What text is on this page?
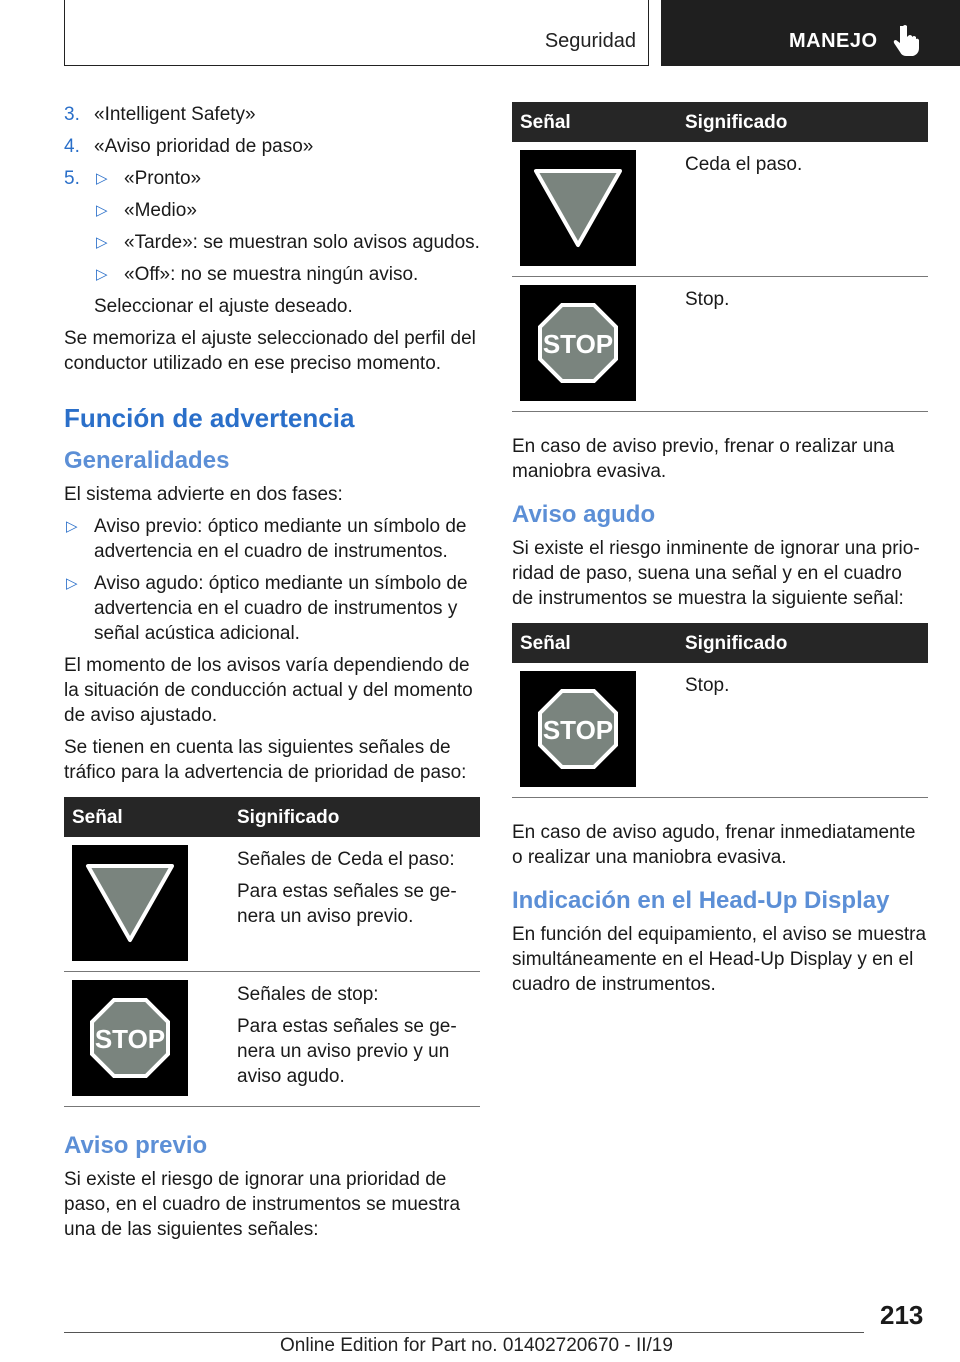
Seguridad	MANEJO
3. «Intelligent Safety»
4. «Aviso prioridad de paso»
5. ▷ «Pronto»
▷ «Medio»
▷ «Tarde»: se muestran solo avisos agudos.
▷ «Off»: no se muestra ningún aviso.
Seleccionar el ajuste deseado.

Se memoriza el ajuste seleccionado del perfil del conductor utilizado en ese preciso momento.

Función de advertencia
Generalidades

El sistema advierte en dos fases:

▷ Aviso previo: óptico mediante un símbolo de advertencia en el cuadro de instrumentos.
▷ Aviso agudo: óptico mediante un símbolo de advertencia en el cuadro de instrumentos y señal acústica adicional.

El momento de los avisos varía dependiendo de la situación de conducción actual y del momento de aviso ajustado.

Se tienen en cuenta las siguientes señales de tráfico para la advertencia de prioridad de paso:

Señal	Significado

Señales de Ceda el paso:

Para estas señales se genera un aviso previo.

STOP	Señales de stop:

Para estas señales se genera un aviso previo y un aviso agudo.

Aviso previo

Si existe el riesgo de ignorar una prioridad de paso, en el cuadro de instrumentos se muestra una de las siguientes señales:

Señal	Significado

Ceda el paso.

STOP	Stop.

En caso de aviso previo, frenar o realizar una maniobra evasiva.

Aviso agudo

Si existe el riesgo inminente de ignorar una prioridad de paso, suena una señal y en el cuadro de instrumentos se muestra la siguiente señal:

Señal	Significado

STOP	Stop.

En caso de aviso agudo, frenar inmediatamente o realizar una maniobra evasiva.

Indicación en el Head-Up Display

En función del equipamiento, el aviso se muestra simultáneamente en el Head-Up Display y en el cuadro de instrumentos.

213
Online Edition for Part no. 01402720670 - II/19
